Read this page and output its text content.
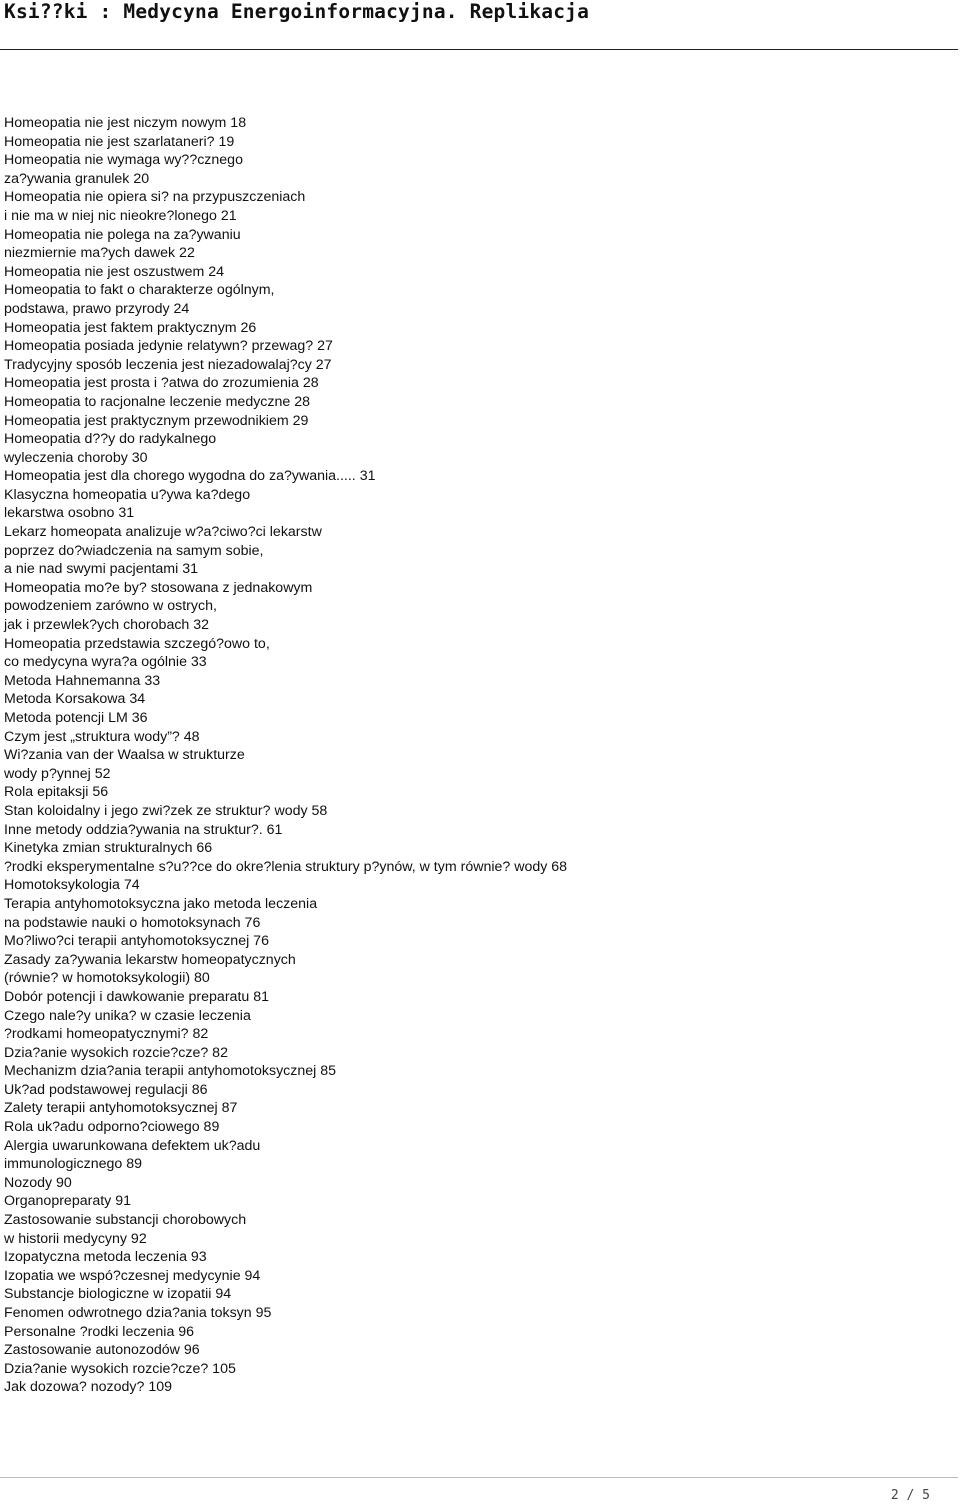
Ksi??ki : Medycyna Energoinformacyjna. Replikacja
Homeopatia nie jest niczym nowym 18
Homeopatia nie jest szarlataneri? 19
Homeopatia nie wymaga wy??cznego
za?ywania granulek 20
Homeopatia nie opiera si? na przypuszczeniach
i nie ma w niej nic nieokre?lonego 21
Homeopatia nie polega na za?ywaniu
niezmiernie ma?ych dawek 22
Homeopatia nie jest oszustwem 24
Homeopatia to fakt o charakterze ogólnym,
podstawa, prawo przyrody 24
Homeopatia jest faktem praktycznym 26
Homeopatia posiada jedynie relatywn? przewag? 27
Tradycyjny sposób leczenia jest niezadowalaj?cy 27
Homeopatia jest prosta i ?atwa do zrozumienia 28
Homeopatia to racjonalne leczenie medyczne 28
Homeopatia jest praktycznym przewodnikiem 29
Homeopatia d??y do radykalnego
wyleczenia choroby 30
Homeopatia jest dla chorego wygodna do za?ywania..... 31
Klasyczna homeopatia u?ywa ka?dego
lekarstwa osobno 31
Lekarz homeopata analizuje w?a?ciwo?ci lekarstw
poprzez do?wiadczenia na samym sobie,
a nie nad swymi pacjentami 31
Homeopatia mo?e by? stosowana z jednakowym
powodzeniem zarówno w ostrych,
jak i przewlek?ych chorobach 32
Homeopatia przedstawia szczegó?owo to,
co medycyna wyra?a ogólnie 33
Metoda Hahnemanna 33
Metoda Korsakowa 34
Metoda potencji LM 36
Czym jest „struktura wody”? 48
Wi?zania van der Waalsa w strukturze
wody p?ynnej 52
Rola epitaksji 56
Stan koloidalny i jego zwi?zek ze struktur? wody 58
Inne metody oddzia?ywania na struktur?. 61
Kinetyka zmian strukturalnych 66
?rodki eksperymentalne s?u??ce do okre?lenia struktury p?ynów, w tym równie? wody 68
Homotoksykologia 74
Terapia antyhomotoksyczna jako metoda leczenia
na podstawie nauki o homotoksynach 76
Mo?liwo?ci terapii antyhomotoksycznej 76
Zasady za?ywania lekarstw homeopatycznych
(równie? w homotoksykologii) 80
Dobór potencji i dawkowanie preparatu 81
Czego nale?y unika? w czasie leczenia
?rodkami homeopatycznymi? 82
Dzia?anie wysokich rozcie?cze? 82
Mechanizm dzia?ania terapii antyhomotoksycznej 85
Uk?ad podstawowej regulacji 86
Zalety terapii antyhomotoksycznej 87
Rola uk?adu odporno?ciowego 89
Alergia uwarunkowana defektem uk?adu
immunologicznego 89
Nozody 90
Organopreparaty 91
Zastosowanie substancji chorobowych
w historii medycyny 92
Izopatyczna metoda leczenia 93
Izopatia we wspó?czesnej medycynie 94
Substancje biologiczne w izopatii 94
Fenomen odwrotnego dzia?ania toksyn 95
Personalne ?rodki leczenia 96
Zastosowanie autonozodów 96
Dzia?anie wysokich rozcie?cze? 105
Jak dozowa? nozody? 109
2 / 5
